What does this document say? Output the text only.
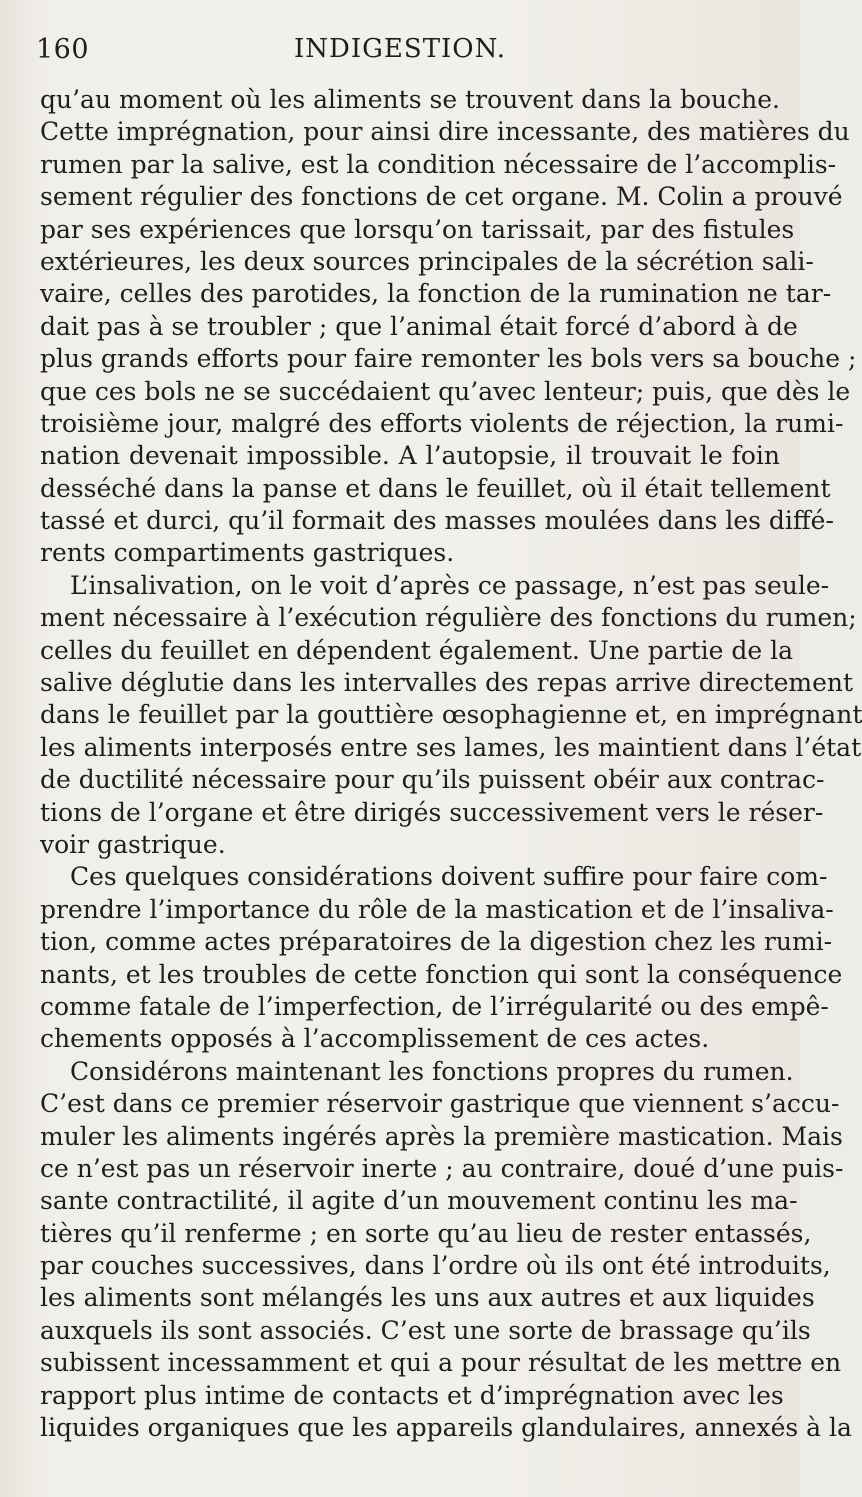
160	INDIGESTION.
qu’au moment où les aliments se trouvent dans la bouche.
Cette imprégnation, pour ainsi dire incessante, des matières du
rumen par la salive, est la condition nécessaire de l’accomplis-
sement régulier des fonctions de cet organe. M. Colin a prouvé
par ses expériences que lorsqu’on tarissait, par des fistules
extérieures, les deux sources principales de la sécrétion sali-
vaire, celles des parotides, la fonction de la rumination ne tar-
dait pas à se troubler ; que l’animal était forcé d’abord à de
plus grands efforts pour faire remonter les bols vers sa bouche ;
que ces bols ne se succédaient qu’avec lenteur; puis, que dès le
troisième jour, malgré des efforts violents de réjection, la rumi-
nation devenait impossible. A l’autopsie, il trouvait le foin
desséché dans la panse et dans le feuillet, où il était tellement
tassé et durci, qu’il formait des masses moulées dans les diffé-
rents compartiments gastriques.
L’insalivation, on le voit d’après ce passage, n’est pas seule-
ment nécessaire à l’exécution régulière des fonctions du rumen;
celles du feuillet en dépendent également. Une partie de la
salive déglutie dans les intervalles des repas arrive directement
dans le feuillet par la gouttière œsophagienne et, en imprégnant
les aliments interposés entre ses lames, les maintient dans l’état
de ductilité nécessaire pour qu’ils puissent obéir aux contrac-
tions de l’organe et être dirigés successivement vers le réser-
voir gastrique.
Ces quelques considérations doivent suffire pour faire com-
prendre l’importance du rôle de la mastication et de l’insaliva-
tion, comme actes préparatoires de la digestion chez les rumi-
nants, et les troubles de cette fonction qui sont la conséquence
comme fatale de l’imperfection, de l’irrégularité ou des empê-
chements opposés à l’accomplissement de ces actes.
Considérons maintenant les fonctions propres du rumen.
C’est dans ce premier réservoir gastrique que viennent s’accu-
muler les aliments ingérés après la première mastication. Mais
ce n’est pas un réservoir inerte ; au contraire, doué d’une puis-
sante contractilité, il agite d’un mouvement continu les ma-
tières qu’il renferme ; en sorte qu’au lieu de rester entassés,
par couches successives, dans l’ordre où ils ont été introduits,
les aliments sont mélangés les uns aux autres et aux liquides
auxquels ils sont associés. C’est une sorte de brassage qu’ils
subissent incessamment et qui a pour résultat de les mettre en
rapport plus intime de contacts et d’imprégnation avec les
liquides organiques que les appareils glandulaires, annexés à la
